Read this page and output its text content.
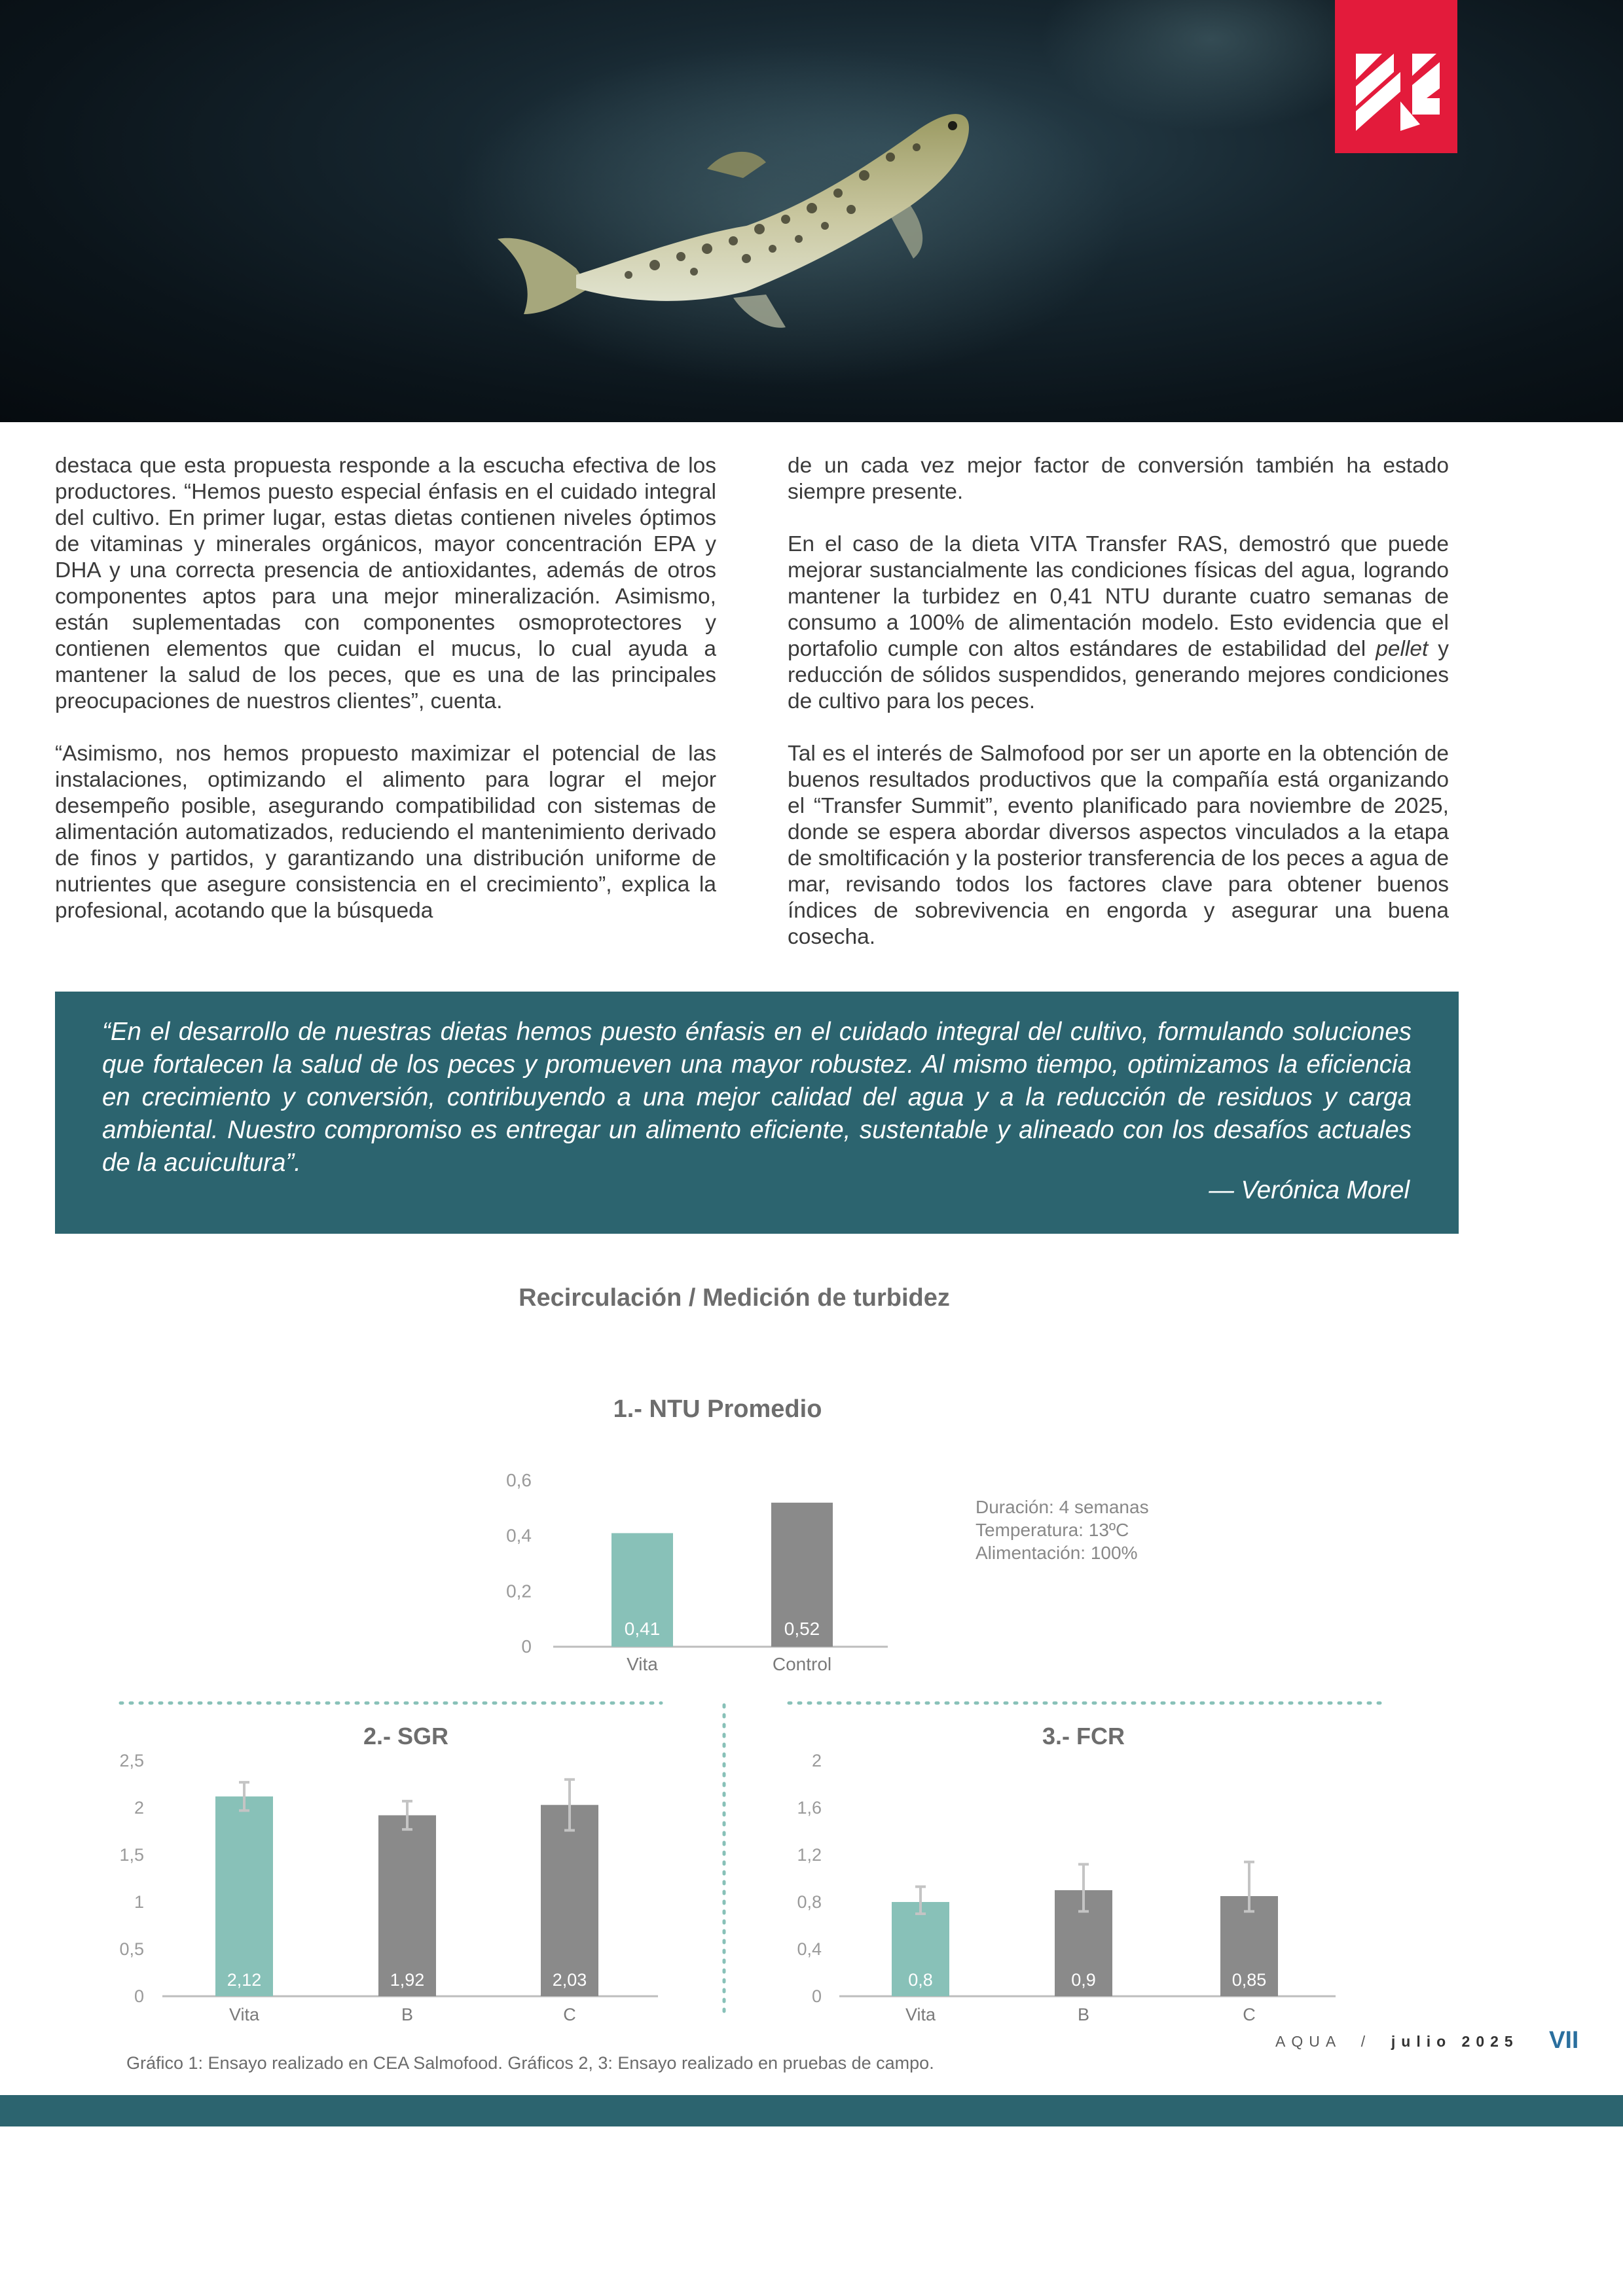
destaca que esta propuesta responde a la escucha efectiva de los productores. “Hemos puesto especial énfasis en el cuidado integral del cultivo. En primer lugar, estas dietas contienen niveles óptimos de vitaminas y minerales orgánicos, mayor concentración EPA y DHA y una correcta presencia de antioxidantes, además de otros componentes aptos para una mejor mineralización. Asimismo, están suplementadas con componentes osmoprotectores y contienen elementos que cuidan el mucus, lo cual ayuda a mantener la salud de los peces, que es una de las principales preocupaciones de nuestros clientes”, cuenta.

“Asimismo, nos hemos propuesto maximizar el potencial de las instalaciones, optimizando el alimento para lograr el mejor desempeño posible, asegurando compatibilidad con sistemas de alimentación automatizados, reduciendo el mantenimiento derivado de finos y partidos, y garantizando una distribución uniforme de nutrientes que asegure consistencia en el crecimiento”, explica la profesional, acotando que la búsqueda

de un cada vez mejor factor de conversión también ha estado siempre presente.

En el caso de la dieta VITA Transfer RAS, demostró que puede mejorar sustancialmente las condiciones físicas del agua, logrando mantener la turbidez en 0,41 NTU durante cuatro semanas de consumo a 100% de alimentación modelo. Esto evidencia que el portafolio cumple con altos estándares de estabilidad del pellet y reducción de sólidos suspendidos, generando mejores condiciones de cultivo para los peces.

Tal es el interés de Salmofood por ser un aporte en la obtención de buenos resultados productivos que la compañía está organizando el “Transfer Summit”, evento planificado para noviembre de 2025, donde se espera abordar diversos aspectos vinculados a la etapa de smoltificación y la posterior transferencia de los peces a agua de mar, revisando todos los factores clave para obtener buenos índices de sobrevivencia en engorda y asegurar una buena cosecha.

“En el desarrollo de nuestras dietas hemos puesto énfasis en el cuidado integral del cultivo, formulando soluciones que fortalecen la salud de los peces y promueven una mayor robustez. Al mismo tiempo, optimizamos la eficiencia en crecimiento y conversión, contribuyendo a una mejor calidad del agua y a la reducción de residuos y carga ambiental. Nuestro compromiso es entregar un alimento eficiente, sustentable y alineado con los desafíos actuales de la acuicultura”.
— Verónica Morel
Recirculación / Medición de turbidez
1.- NTU Promedio
Duración: 4 semanas
Temperatura: 13ºC
Alimentación: 100%
0
0,2
0,4
0,6
0,41
Vita
0,52
Control
2.- SGR
0
0,5
1
1,5
2
2,5
2,12
Vita
1,92
B
2,03
C
3.- FCR
0
0,4
0,8
1,2
1,6
2
0,8
Vita
0,9
B
0,85
C
Gráfico 1: Ensayo realizado en CEA Salmofood. Gráficos 2, 3: Ensayo realizado en pruebas de campo.
AQUA / julio 2025 VII
